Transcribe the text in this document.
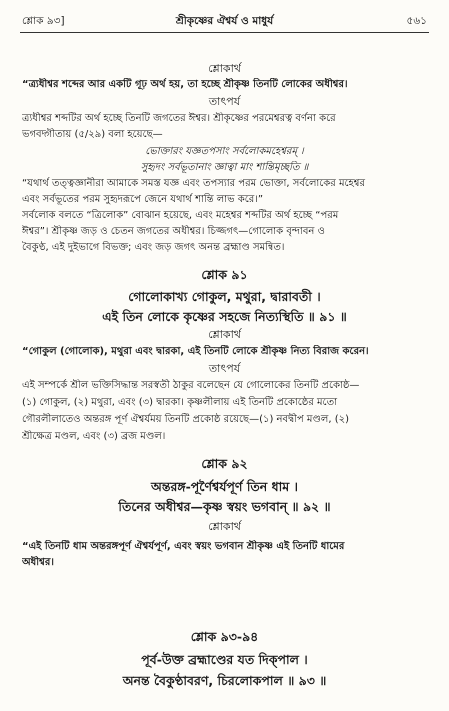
শ্লোক ৯৩]	শ্রীকৃষ্ণের ঐশ্বর্য ও মাধুর্য	৫৬১
শ্লোকার্থ
“ত্র্যধীশ্বর শব্দের আর একটি গূঢ় অর্থ হয়, তা হচ্ছে শ্রীকৃষ্ণ তিনটি লোকের অধীশ্বর।
তাৎপর্য
ত্র্যধীশ্বর শব্দটির অর্থ হচ্ছে তিনটি জগতের ঈশ্বর। শ্রীকৃষ্ণের পরমেশ্বরত্ব বর্ণনা করে
ভগবদ্গীতায় (৫/২৯) বলা হয়েছে—
ভোক্তারং যজ্ঞতপসাং সর্বলোকমহেশ্বরম্ ।
সুহৃদং সর্বভূতানাং জ্ঞাত্বা মাং শান্তিমৃচ্ছতি ॥
“যথার্থ তত্ত্বজ্ঞানীরা আমাকে সমস্ত যজ্ঞ এবং তপস্যার পরম ভোক্তা, সর্বলোকের মহেশ্বর
এবং সর্বভূতের পরম সুহৃদরূপে জেনে যথার্থ শান্তি লাভ করে।”
সর্বলোক বলতে “ত্রিলোক” বোঝান হয়েছে, এবং মহেশ্বর শব্দটির অর্থ হচ্ছে “পরম
ঈশ্বর”। শ্রীকৃষ্ণ জড় ও চেতন জগতের অধীশ্বর। চিজ্জগৎ—গোলোক বৃন্দাবন ও
বৈকুণ্ঠ, এই দুইভাগে বিভক্ত; এবং জড় জগৎ অনন্ত ব্রহ্মাণ্ড সমন্বিত।
শ্লোক ৯১
গোলোকাখ্য গোকুল, মথুরা, দ্বারাবতী ।
এই তিন লোকে কৃষ্ণের সহজে নিত্যস্থিতি ॥ ৯১ ॥
শ্লোকার্থ
“গোকুল (গোলোক), মথুরা এবং দ্বারকা, এই তিনটি লোকে শ্রীকৃষ্ণ নিত্য বিরাজ করেন।
তাৎপর্য
এই সম্পর্কে শ্রীল ভক্তিসিদ্ধান্ত সরস্বতী ঠাকুর বলেছেন যে গোলোকের তিনটি প্রকোষ্ঠ—
(১) গোকুল, (২) মথুরা, এবং (৩) দ্বারকা। কৃষ্ণলীলায় এই তিনটি প্রকোষ্ঠের মতো
গৌরলীলাতেও অন্তরঙ্গ পূর্ণ ঐশ্বর্যময় তিনটি প্রকোষ্ঠ রয়েছে—(১) নবদ্বীপ মণ্ডল, (২)
শ্রীক্ষেত্র মণ্ডল, এবং (৩) ব্রজ মণ্ডল।
শ্লোক ৯২
অন্তরঙ্গ-পূর্ণৈশ্বর্যপূর্ণ তিন ধাম ।
তিনের অধীশ্বর—কৃষ্ণ স্বয়ং ভগবান্ ॥ ৯২ ॥
শ্লোকার্থ
“এই তিনটি ধাম অন্তরঙ্গপূর্ণ ঐশ্বর্যপূর্ণ, এবং স্বয়ং ভগবান শ্রীকৃষ্ণ এই তিনটি ধামের
অধীশ্বর।
শ্লোক ৯৩-৯৪
পূর্ব-উক্ত ব্রহ্মাণ্ডের যত দিক্‌পাল ।
অনন্ত বৈকুণ্ঠাবরণ, চিরলোকপাল ॥ ৯৩ ॥
